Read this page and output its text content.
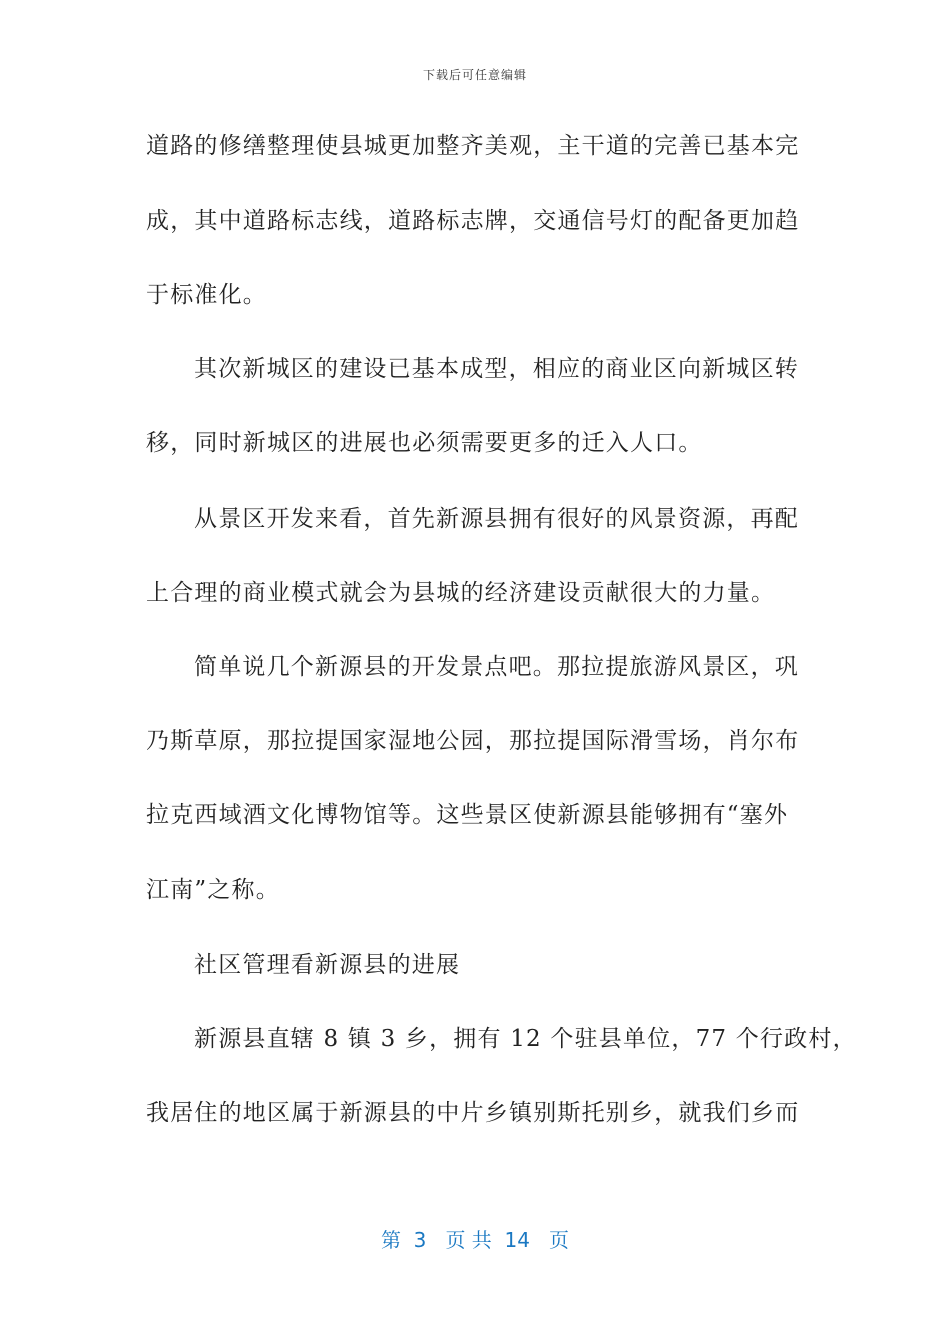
下载后可任意编辑
道路的修缮整理使县城更加整齐美观，主干道的完善已基本完
成，其中道路标志线，道路标志牌，交通信号灯的配备更加趋
于标准化。
其次新城区的建设已基本成型，相应的商业区向新城区转
移，同时新城区的进展也必须需要更多的迁入人口。
从景区开发来看，首先新源县拥有很好的风景资源，再配
上合理的商业模式就会为县城的经济建设贡献很大的力量。
简单说几个新源县的开发景点吧。那拉提旅游风景区，巩
乃斯草原，那拉提国家湿地公园，那拉提国际滑雪场，肖尔布
拉克西域酒文化博物馆等。这些景区使新源县能够拥有“塞外
江南”之称。
社区管理看新源县的进展
新源县直辖 8 镇 3 乡，拥有 12 个驻县单位，77 个行政村，
我居住的地区属于新源县的中片乡镇别斯托别乡，就我们乡而
第  3   页 共  14   页
